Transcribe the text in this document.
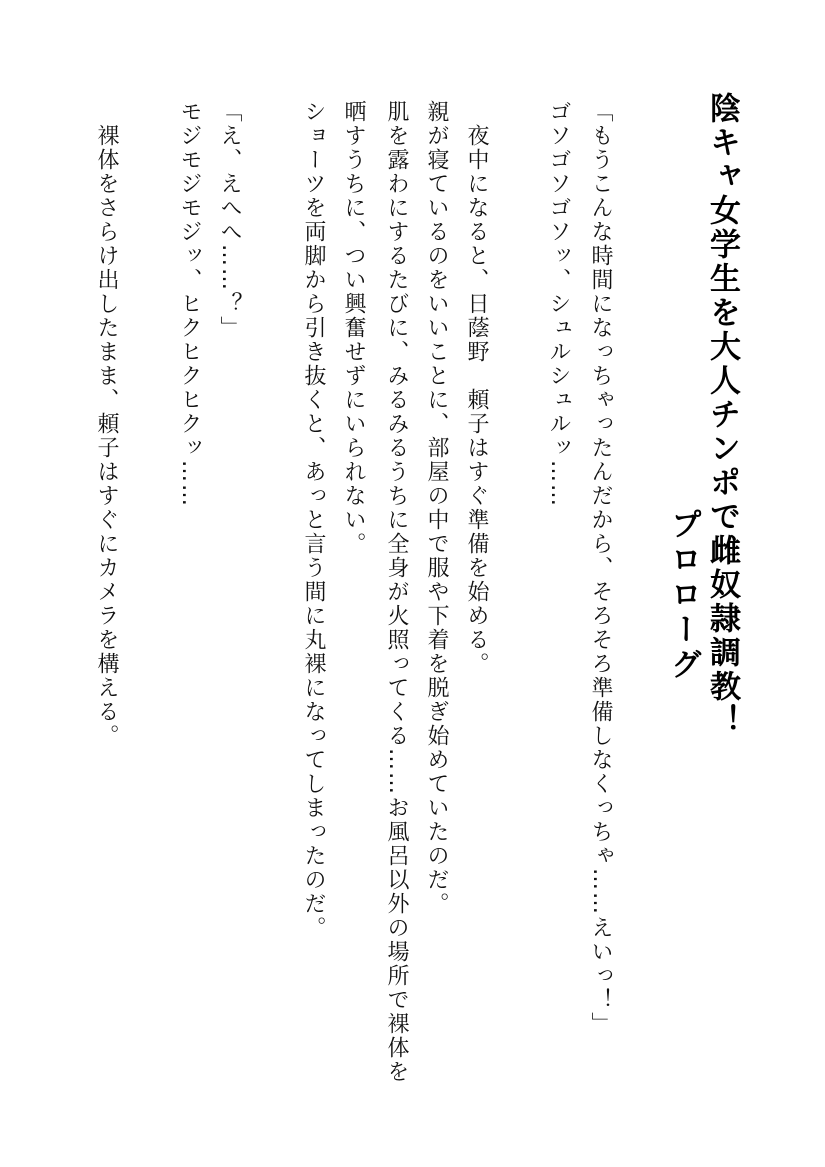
陰キャ女学生を大人チンポで雌奴隷調教！
プロローグ
「もうこんな時間になっちゃったんだから、そろそろ準備しなくっちゃ……えいっ！」
ゴソゴソゴソッ、シュルシュルッ……
夜中になると、日蔭野　頼子はすぐ準備を始める。
親が寝ているのをいいことに、部屋の中で服や下着を脱ぎ始めていたのだ。
肌を露わにするたびに、みるみるうちに全身が火照ってくる……お風呂以外の場所で裸体を
晒すうちに、つい興奮せずにいられない。
ショーツを両脚から引き抜くと、あっと言う間に丸裸になってしまったのだ。
「え、えへへ……？」
モジモジモジッ、ヒクヒクヒクッ……
裸体をさらけ出したまま、頼子はすぐにカメラを構える。
